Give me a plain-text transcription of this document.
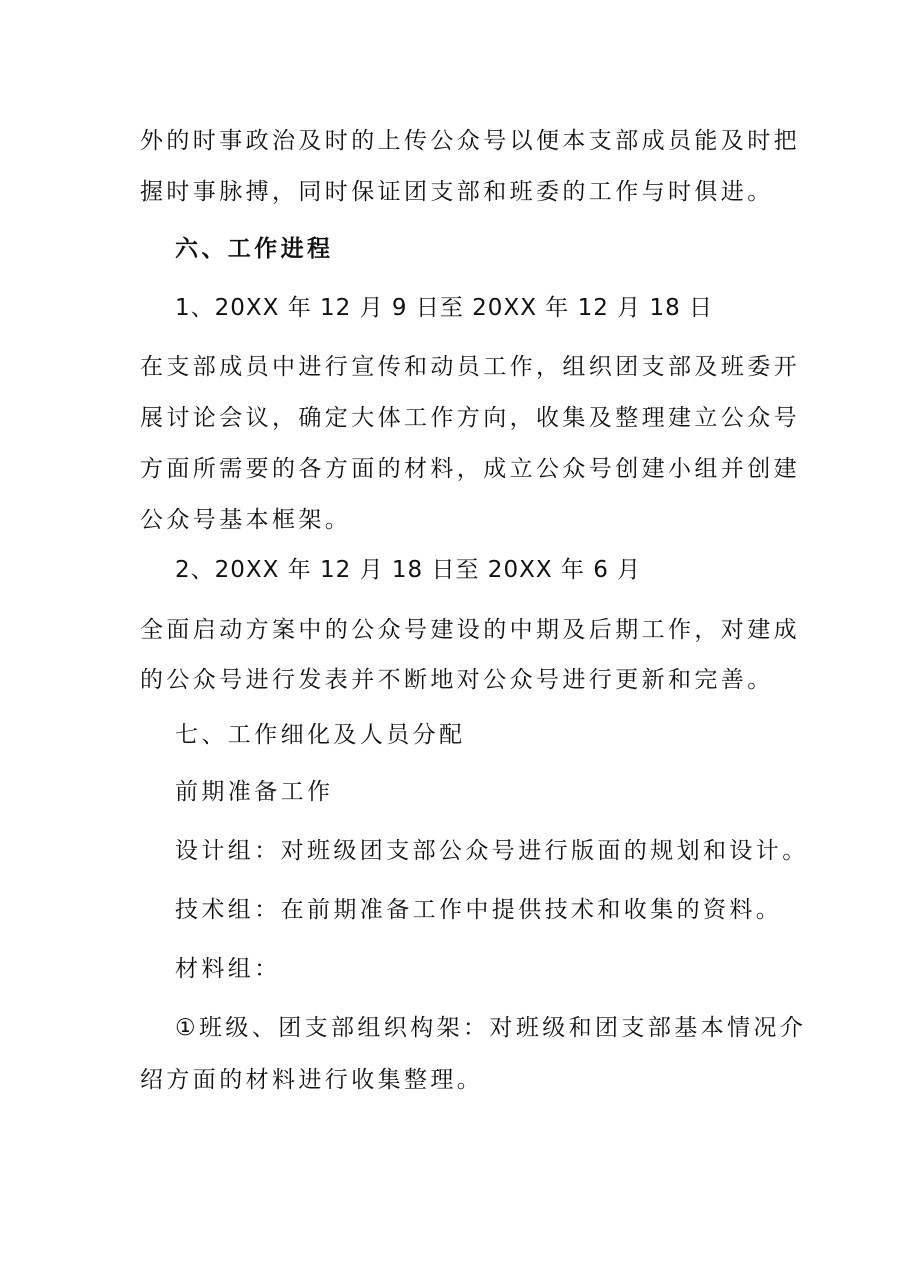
外的时事政治及时的上传公众号以便本支部成员能及时把
握时事脉搏，同时保证团支部和班委的工作与时俱进。
六、工作进程
1、20XX 年 12 月 9 日至 20XX 年 12 月 18 日
在支部成员中进行宣传和动员工作，组织团支部及班委开
展讨论会议，确定大体工作方向，收集及整理建立公众号
方面所需要的各方面的材料，成立公众号创建小组并创建
公众号基本框架。
2、20XX 年 12 月 18 日至 20XX 年 6 月
全面启动方案中的公众号建设的中期及后期工作，对建成
的公众号进行发表并不断地对公众号进行更新和完善。
七、工作细化及人员分配
前期准备工作
设计组：对班级团支部公众号进行版面的规划和设计。
技术组：在前期准备工作中提供技术和收集的资料。
材料组：
①班级、团支部组织构架：对班级和团支部基本情况介
绍方面的材料进行收集整理。
